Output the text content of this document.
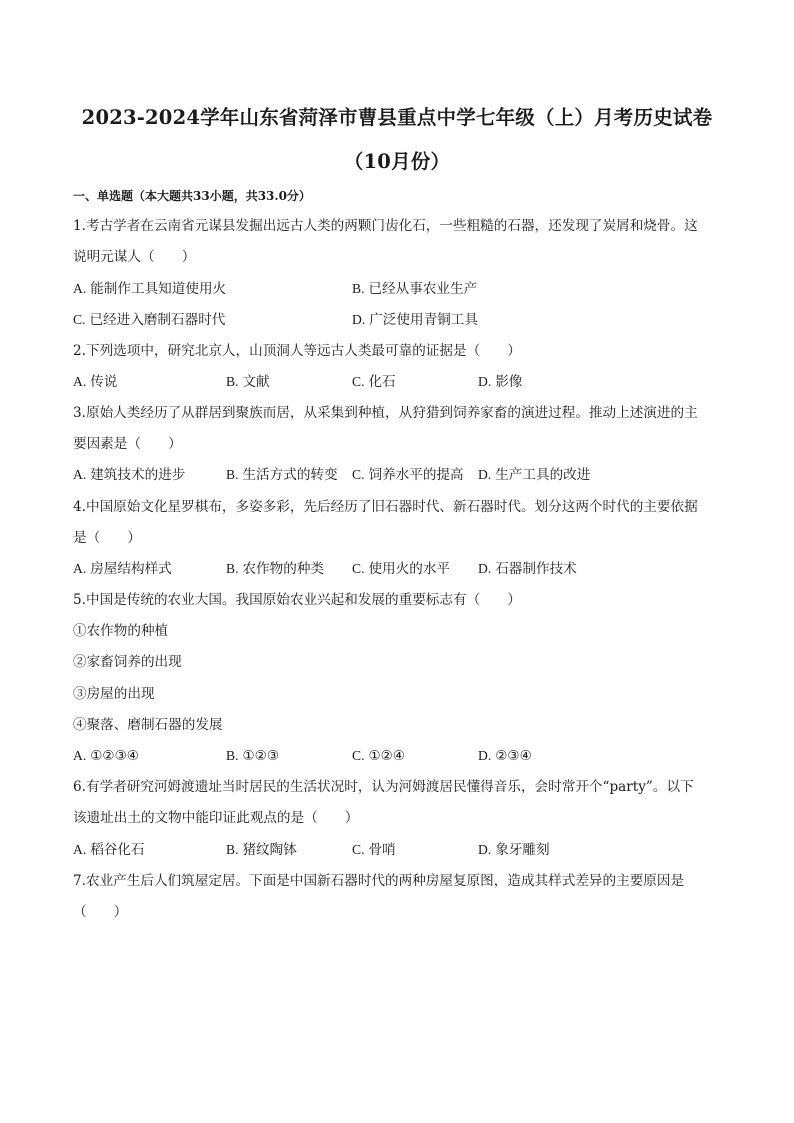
2023-2024学年山东省菏泽市曹县重点中学七年级（上）月考历史试卷
（10月份）
一、单选题（本大题共33小题，共33.0分）
1.考古学者在云南省元谋县发掘出远古人类的两颗门齿化石，一些粗糙的石器，还发现了炭屑和烧骨。这
说明元谋人（　　）
A. 能制作工具知道使用火	B. 已经从事农业生产
C. 已经进入磨制石器时代	D. 广泛使用青铜工具
2.下列选项中，研究北京人，山顶洞人等远古人类最可靠的证据是（　　）
A. 传说	B. 文献	C. 化石	D. 影像
3.原始人类经历了从群居到聚族而居，从采集到种植，从狩猎到饲养家畜的演进过程。推动上述演进的主
要因素是（　　）
A. 建筑技术的进步	B. 生活方式的转变 C. 饲养水平的提高 D. 生产工具的改进
4.中国原始文化星罗棋布，多姿多彩，先后经历了旧石器时代、新石器时代。划分这两个时代的主要依据
是（　　）
A. 房屋结构样式	B. 农作物的种类 C. 使用火的水平 D. 石器制作技术
5.中国是传统的农业大国。我国原始农业兴起和发展的重要标志有（　　）
①农作物的种植
②家畜饲养的出现
③房屋的出现
④聚落、磨制石器的发展
A. ①②③④	B. ①②③	C. ①②④	D. ②③④
6.有学者研究河姆渡遗址当时居民的生活状况时，认为河姆渡居民懂得音乐，会时常开个“party”。以下
该遗址出土的文物中能印证此观点的是（　　）
A. 稻谷化石	B. 猪纹陶钵	C. 骨哨	D. 象牙雕刻
7.农业产生后人们筑屋定居。下面是中国新石器时代的两种房屋复原图，造成其样式差异的主要原因是
（　　）
